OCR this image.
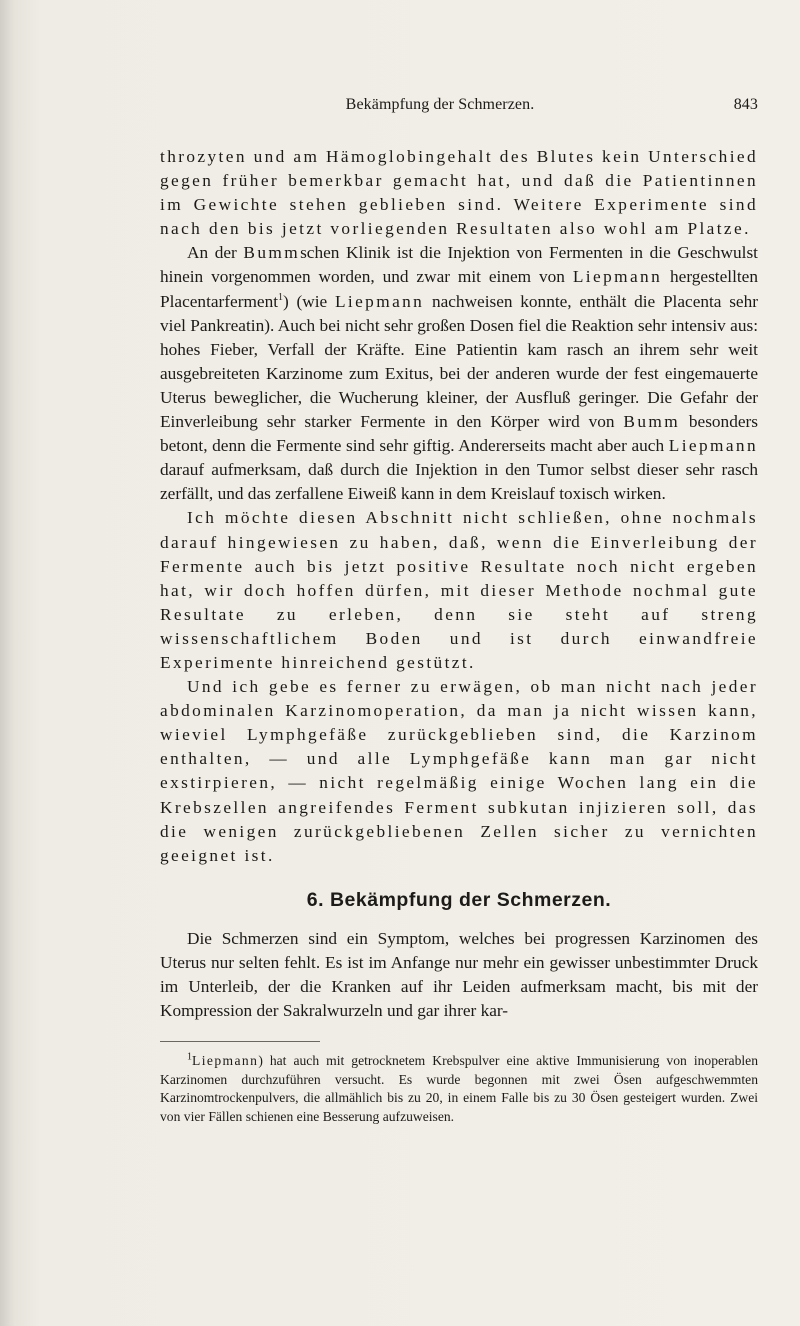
Bekämpfung der Schmerzen.	843

throzyten und am Hämoglobingehalt des Blutes kein Unterschied gegen früher bemerkbar gemacht hat, und daß die Patientinnen im Gewichte stehen geblieben sind. Weitere Experimente sind nach den bis jetzt vorliegenden Resultaten also wohl am Platze.

An der Bummschen Klinik ist die Injektion von Fermenten in die Geschwulst hinein vorgenommen worden, und zwar mit einem von Liepmann hergestellten Placentarferment$^1$) (wie Liepmann nachweisen konnte, enthält die Placenta sehr viel Pankreatin). Auch bei nicht sehr großen Dosen fiel die Reaktion sehr intensiv aus: hohes Fieber, Verfall der Kräfte. Eine Patientin kam rasch an ihrem sehr weit ausgebreiteten Karzinome zum Exitus, bei der anderen wurde der fest eingemauerte Uterus beweglicher, die Wucherung kleiner, der Ausfluß geringer. Die Gefahr der Einverleibung sehr starker Fermente in den Körper wird von Bumm besonders betont, denn die Fermente sind sehr giftig. Andererseits macht aber auch Liepmann darauf aufmerksam, daß durch die Injektion in den Tumor selbst dieser sehr rasch zerfällt, und das zerfallene Eiweiß kann in dem Kreislauf toxisch wirken.

Ich möchte diesen Abschnitt nicht schließen, ohne nochmals darauf hingewiesen zu haben, daß, wenn die Einverleibung der Fermente auch bis jetzt positive Resultate noch nicht ergeben hat, wir doch hoffen dürfen, mit dieser Methode nochmal gute Resultate zu erleben, denn sie steht auf streng wissenschaftlichem Boden und ist durch einwandfreie Experimente hinreichend gestützt.

Und ich gebe es ferner zu erwägen, ob man nicht nach jeder abdominalen Karzinomoperation, da man ja nicht wissen kann, wieviel Lymphgefäße zurückgeblieben sind, die Karzinom enthalten, — und alle Lymphgefäße kann man gar nicht exstirpieren, — nicht regelmäßig einige Wochen lang ein die Krebszellen angreifendes Ferment subkutan injizieren soll, das die wenigen zurückgebliebenen Zellen sicher zu vernichten geeignet ist.

6. Bekämpfung der Schmerzen.

Die Schmerzen sind ein Symptom, welches bei progressen Karzinomen des Uterus nur selten fehlt. Es ist im Anfange nur mehr ein gewisser unbestimmter Druck im Unterleib, der die Kranken auf ihr Leiden aufmerksam macht, bis mit der Kompression der Sakralwurzeln und gar ihrer kar-

$^1$Liepmann) hat auch mit getrocknetem Krebspulver eine aktive Immunisierung von inoperablen Karzinomen durchzuführen versucht. Es wurde begonnen mit zwei Ösen aufgeschwemmten Karzinomtrockenpulvers, die allmählich bis zu 20, in einem Falle bis zu 30 Ösen gesteigert wurden. Zwei von vier Fällen schienen eine Besserung aufzuweisen.
